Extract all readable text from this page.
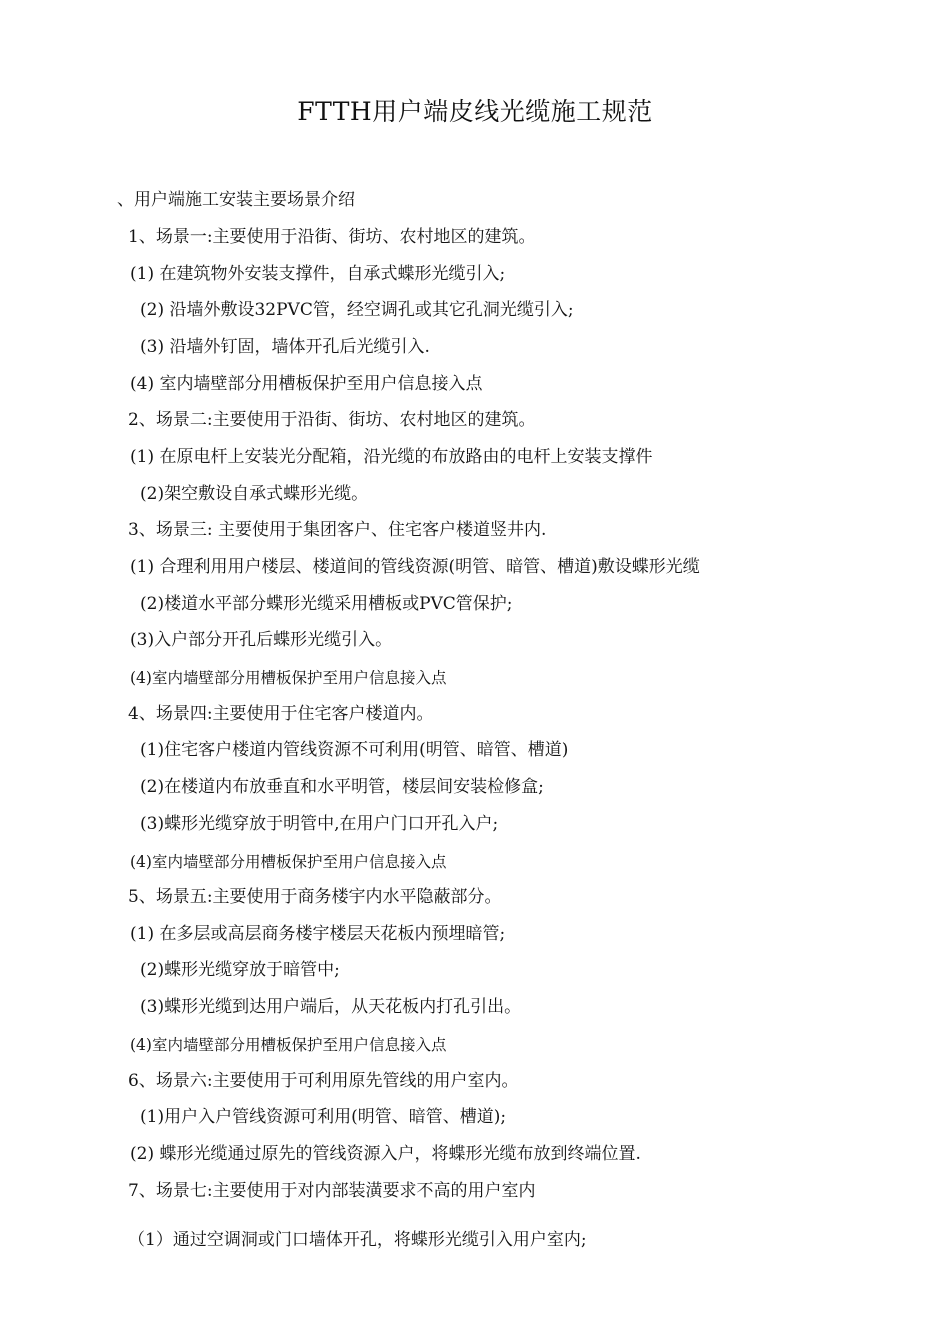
FTTH用户端皮线光缆施工规范
、用户端施工安装主要场景介绍
1、场景一:主要使用于沿街、街坊、农村地区的建筑。
(1) 在建筑物外安装支撑件，自承式蝶形光缆引入;
(2) 沿墙外敷设32PVC管，经空调孔或其它孔洞光缆引入;
(3) 沿墙外钉固，墙体开孔后光缆引入.
(4) 室内墙壁部分用槽板保护至用户信息接入点
2、场景二:主要使用于沿街、街坊、农村地区的建筑。
(1) 在原电杆上安装光分配箱，沿光缆的布放路由的电杆上安装支撑件
(2)架空敷设自承式蝶形光缆。
3、场景三: 主要使用于集团客户、住宅客户楼道竖井内.
(1) 合理利用用户楼层、楼道间的管线资源(明管、暗管、槽道)敷设蝶形光缆
(2)楼道水平部分蝶形光缆采用槽板或PVC管保护;
(3)入户部分开孔后蝶形光缆引入。
(4)室内墙壁部分用槽板保护至用户信息接入点
4、场景四:主要使用于住宅客户楼道内。
(1)住宅客户楼道内管线资源不可利用(明管、暗管、槽道)
(2)在楼道内布放垂直和水平明管，楼层间安装检修盒;
(3)蝶形光缆穿放于明管中,在用户门口开孔入户;
(4)室内墙壁部分用槽板保护至用户信息接入点
5、场景五:主要使用于商务楼宇内水平隐蔽部分。
(1) 在多层或高层商务楼宇楼层天花板内预埋暗管;
(2)蝶形光缆穿放于暗管中;
(3)蝶形光缆到达用户端后，从天花板内打孔引出。
(4)室内墙壁部分用槽板保护至用户信息接入点
6、场景六:主要使用于可利用原先管线的用户室内。
(1)用户入户管线资源可利用(明管、暗管、槽道);
(2) 蝶形光缆通过原先的管线资源入户，将蝶形光缆布放到终端位置.
7、场景七:主要使用于对内部装潢要求不高的用户室内
（1）通过空调洞或门口墙体开孔，将蝶形光缆引入用户室内;
